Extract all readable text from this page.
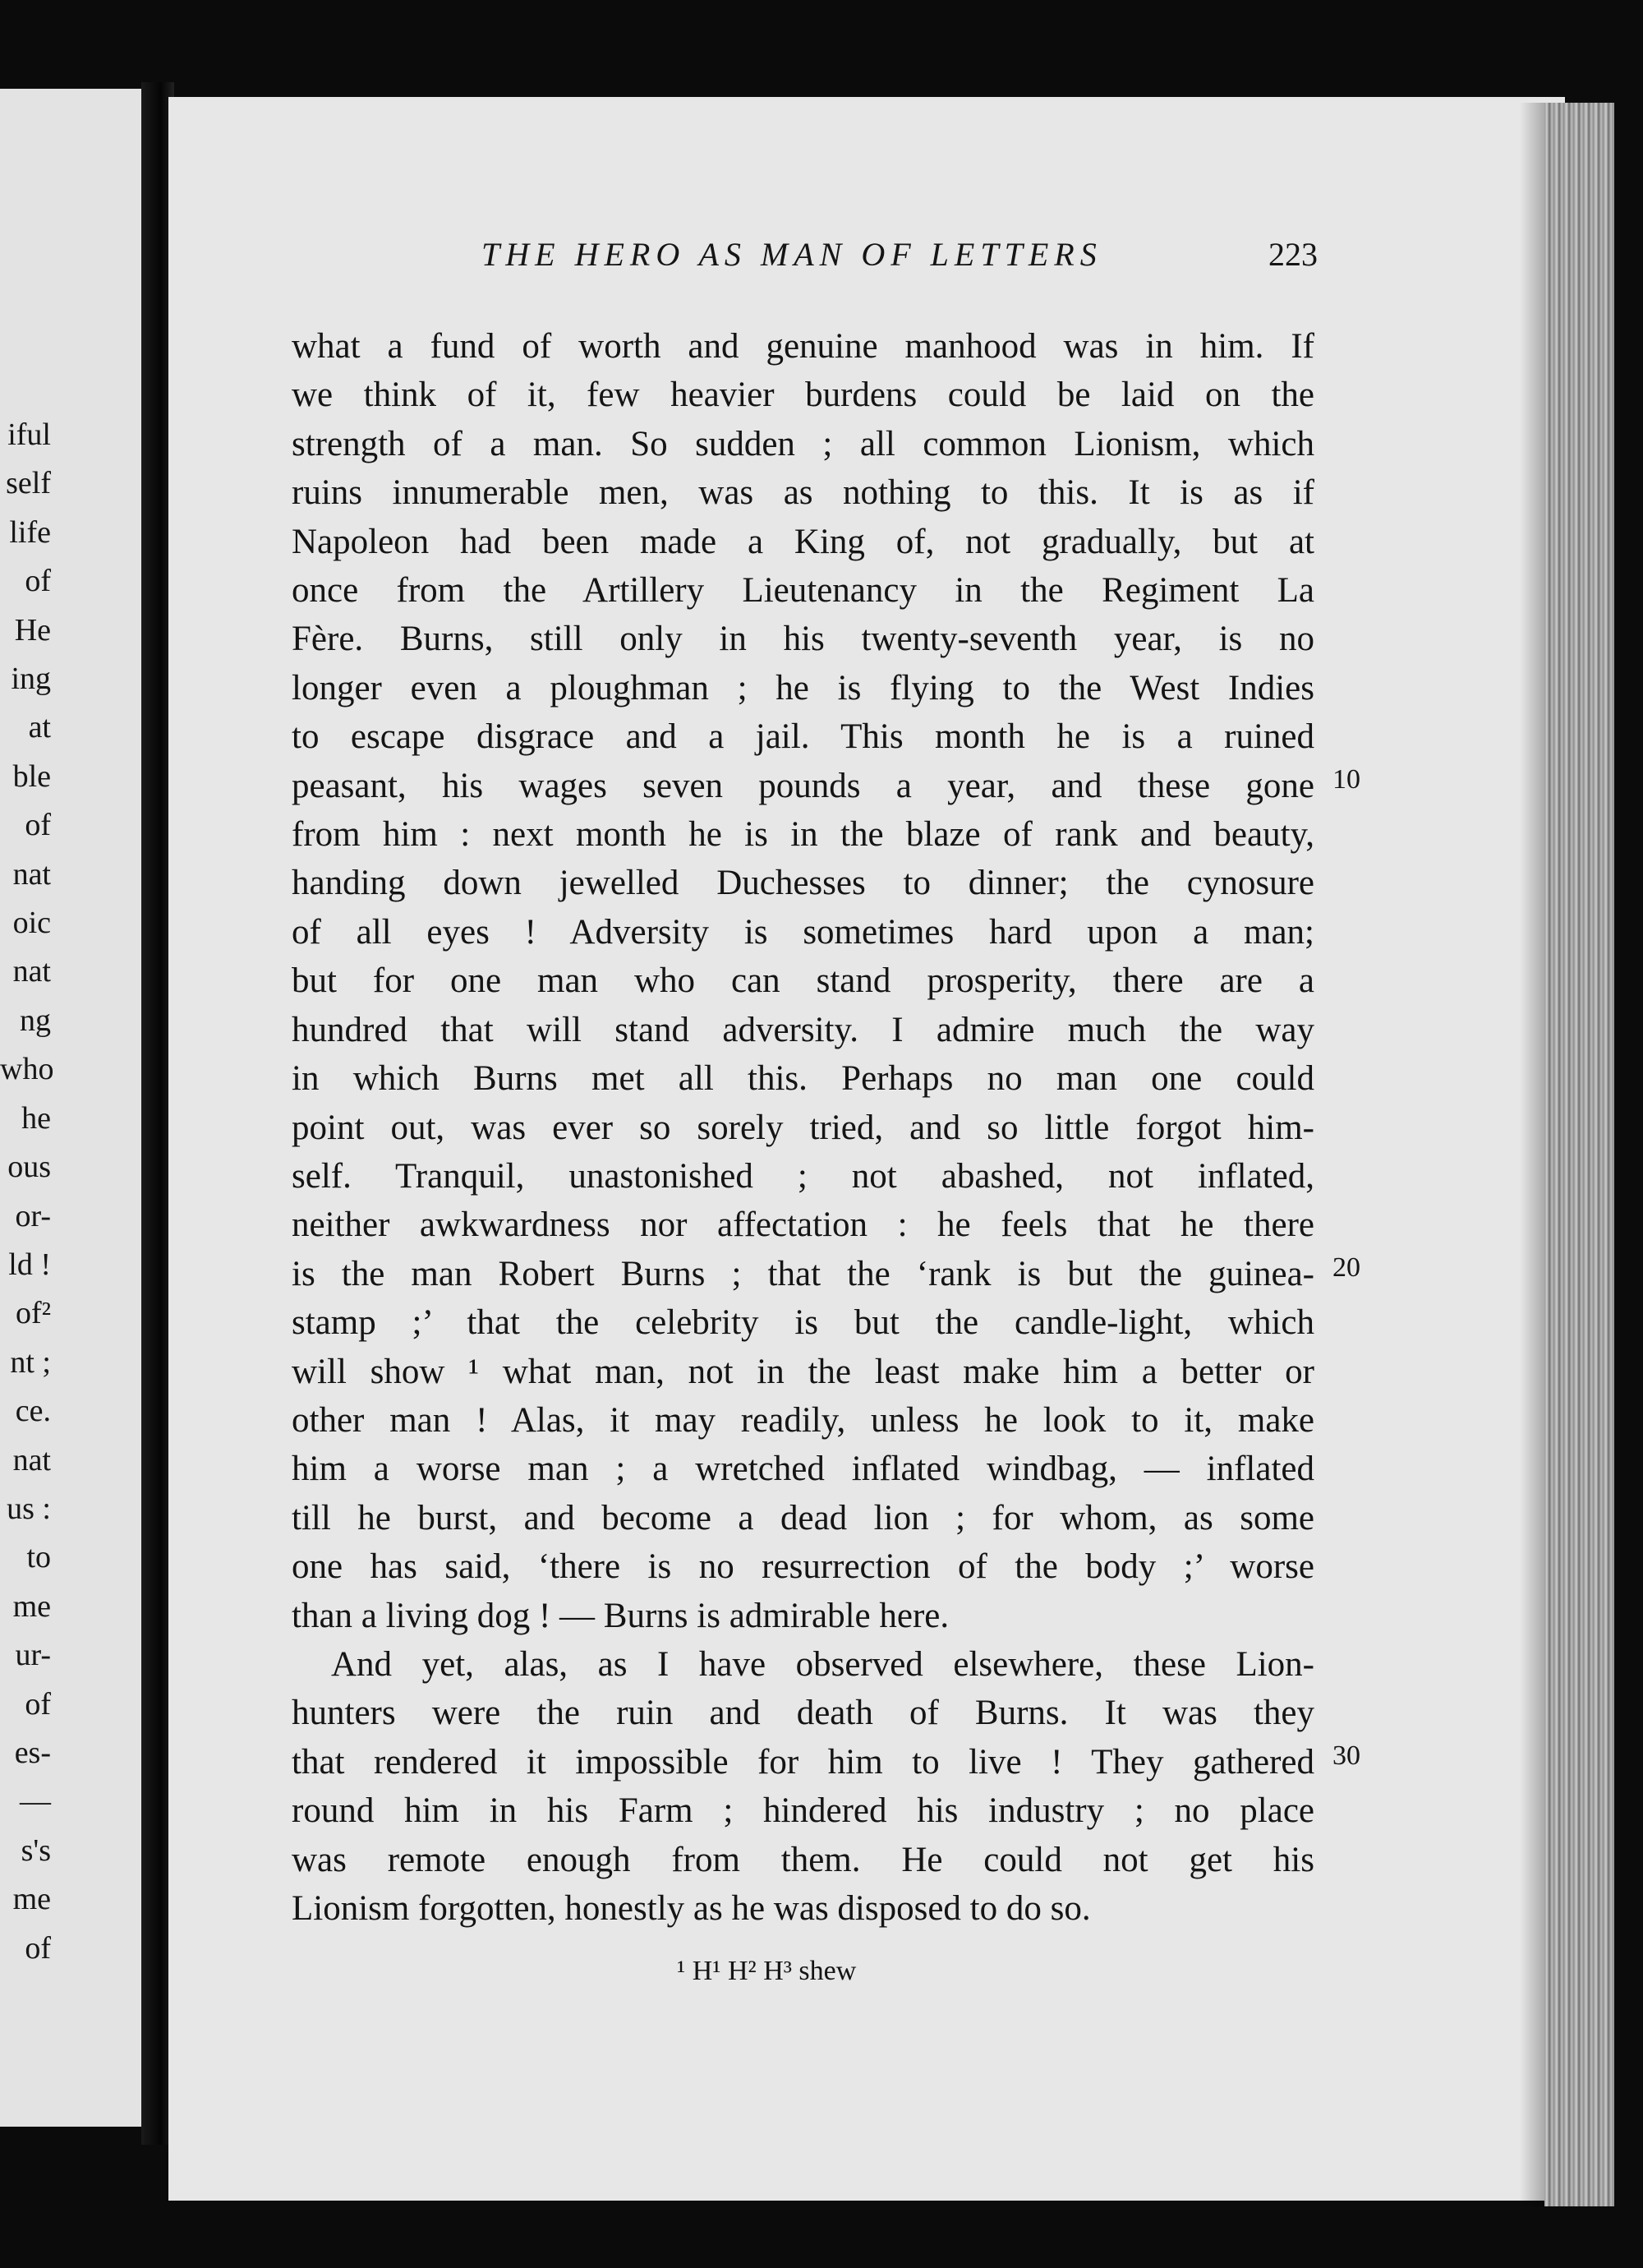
iful
self
life
of
He
ing
at
ble
of
nat
oic
nat
ng
who
he
ous
or-
ld !
of²
nt ;
ce.
nat
us :
to
me
ur-
of
es-
—
s's
me
of
THE HERO AS MAN OF LETTERS	223
what a fund of worth and genuine manhood was in him. If
we think of it, few heavier burdens could be laid on the
strength of a man. So sudden ; all common Lionism, which
ruins innumerable men, was as nothing to this. It is as if
Napoleon had been made a King of, not gradually, but at
once from the Artillery Lieutenancy in the Regiment La
Fère. Burns, still only in his twenty-seventh year, is no
longer even a ploughman ; he is flying to the West Indies
to escape disgrace and a jail. This month he is a ruined
peasant, his wages seven pounds a year, and these gone
from him : next month he is in the blaze of rank and beauty,
handing down jewelled Duchesses to dinner; the cynosure
of all eyes ! Adversity is sometimes hard upon a man;
but for one man who can stand prosperity, there are a
hundred that will stand adversity. I admire much the way
in which Burns met all this. Perhaps no man one could
point out, was ever so sorely tried, and so little forgot him-
self. Tranquil, unastonished ; not abashed, not inflated,
neither awkwardness nor affectation : he feels that he there
is the man Robert Burns ; that the ‘rank is but the guinea-
stamp ;’ that the celebrity is but the candle-light, which
will show ¹ what man, not in the least make him a better or
other man ! Alas, it may readily, unless he look to it, make
him a worse man ; a wretched inflated windbag, — inflated
till he burst, and become a dead lion ; for whom, as some
one has said, ‘there is no resurrection of the body ;’ worse
than a living dog ! — Burns is admirable here.
And yet, alas, as I have observed elsewhere, these Lion-
hunters were the ruin and death of Burns. It was they
that rendered it impossible for him to live ! They gathered
round him in his Farm ; hindered his industry ; no place
was remote enough from them. He could not get his
Lionism forgotten, honestly as he was disposed to do so.
10
20
30
¹ H¹ H² H³ shew
